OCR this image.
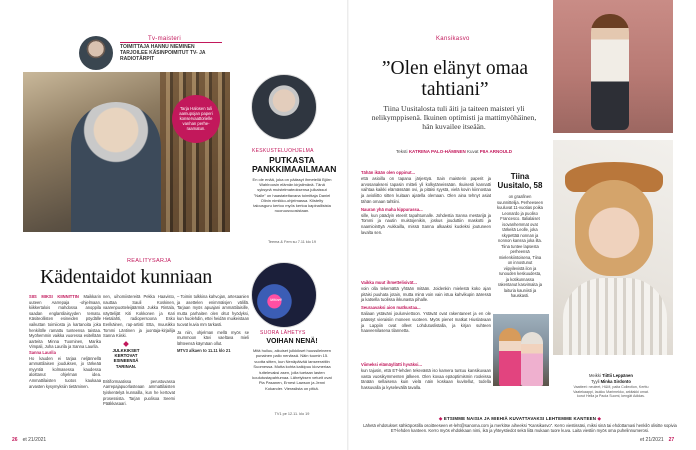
Tv-maisteri
TOIMITTAJA HANNU NIEMINEN TARJOILEE KÄSINPOIMITUT TV- JA RADIOTÄRPIT
Tarja Halosen tuli aamupojan paperi konservaattorielle vanhan perhe- raamatun.
KESKUSTELUOHJELMA
PUTKASTA PANKKIMAAILMAAN
En ole enää, joka on päässyt ihmetellä Björn Wahlroosin elämän kirjailmänä. Tänä syksynä muistelmateoksensa julkaissut "Nalle" on haastateltavana toimittaja Daniel Olinin nimikko-ohjelmassa. Kiistelty talousguru kertoo myös kertoa kapinallisista nuoruusvuosistaan.
Teema & Fem su 7.11 klo 19
REALITYSARJA
Kädentaidot kunniaan
SIIS MIKSI KIINNITTIN Maikkarin uuteen Aarrepaja -ohjelmaan, kiikkertalois mahdossa anoppila saadan englantilaisyyden tematu. Käsiteollisten esineiden pöydälle vaikuttan toimiiosta ja kartanoita joka henkilölle ramattu tunteensa taistaa. Myöhemmin vaikka vuoressa esitellään aarteita Minna Tuominen, Marika Vimpali, Juha Laurila ja Sanna Laurila.
Sanna Laurila
Ho kauden ei tarjaa neljännellä ammattilaisen jouduksen, jo tärkeää myyntiä kolmasessa kaudessa aloittanut ohjelman idea. Ammattilaisten tuotos kaukaaa arvasten kysymyksiin tietäminen.
nen, uihomiistereitä Pekka Haavisto, nauttaa Sauli Koskinen, vaarenpuotteleijäärmiä Jukka Rintala, näyttelijät Kiti Kokkonen ja Kari Hietalahti, radiopersoona Esko Eerikäinen, rap-artisti Etta, muusikko Tommi Läntinen ja juontaja-kirjailija Sanna Kiiski.
Britiformaatissa perustuvassa Aarrepajapuorlasteaan ammattilaisten tyiskentelyä kunnailla, kun he kertovat prosessista. Tarjan puolisoa Seemi Pääkkasaari.
JULKKIKSET KERTOVAT ESINEENSÄ TARINAN.
– Toimin tulkkina kahvojan, artesaanien ja asettelen enimmäisjen välillä. Tarjaan myös apuajani ammattilaisille, mutta parhaiten olen oltut hyödyksi, kun huolehdin, ettei heidän muikeistaan tuovat kuvia mm tarkasti.
Ja niin, ohjelman mellä myös se mummoon kävi vaeltava mieli lähteensä käymäan ollut.
MTV3 alkaen to 11.11 klo 21
Mittari!
SUORA LÄHETYS
VOIHAN NENÄ!
Mitä hulluu, aikuiset julkkikset huussileineen punainen pallo nenässä. Näin tuumin 15. vuotta sitten, kun Nenäpäivää lanseerattiin Suomessa. Mutta kohta kaikipuu klovneriaa tuttelevaksi asen, jolla tuetaan lasten koulutustapahtumaa. Lähetyksen veturit ovat Pia Pasanen, Ernest Lawson ja Jenni Kokander. Vieraslista on pitkä.
TV1 pe 12.11. klo 19
26 et 21/2021
Kansikasvo
”Olen elänyt omaa tahtiani”
Tiina Uusitalosta tuli äiti ja taiteen maisteri yli nelikymppisenä. Ikuinen optimisti ja mattimyöhäinen, hän kuvailee itseään.
Teksti KATRIINA PALO-HÄMINEN Kuvat PIIA ARNOULD
Tähän ikään olen oppinut...
että asioilla on tapana järjestyä. Sain maisterin paperit ja arvosanakseni tapasin mitteli yli kolkytäneissään. Ikuisesti kannatti vaihtaa kaikki elämässään ovi, ja pitäisi syystä, vielä kovin kiinnostaa ja avioliitto sitten kuitaan ajatella olemaan. Olen aina tehnyt asiat tähän omaan tahtiini.
Nauran yhä maha kippurassa...
sille, kun päädyin eteerit tapahtumalle. Johdestia Sanna mestarijä ja Tommi ja nautin muistojenikin, joskus jouduttiin maskotti ja naamiointtyä Aukkailla, missä Sanna alkaaksi kuoleksi joutuneen lavalta sen.
Vaikka muut ihmettelisivät...
voin olla tekemättä yhtään mitään. Joidenkin mielestä koko ajan pitäisi puuhata jotain, mutta minä voin vain istua kahvikupin ääressä ja katsella tuolissa ikkunasta pihalle.
Seuraavaksi aion matkustaa...
Italiaan ystäväni joulunviettoon. Ystävät ovat rakentaneet ja en ole päässyt vieraisiin moneen vuoteen. Myös pienet matkat Hiuslatvaan ja Lappiin ovat olleet Lohdutuslistalla, ja kirjan suhteen haaveenilasena tilannetta.
Viimeksi elämäyllätti hyväksi...
kun tajusin, että ET-lehden tekevästä iso kamera tuntuu kansikuvaan vasta vuosikymmenten jälkeen. Olen kovaa epäoptimismin rooleissa tänään sellaisena kuin vielä näin koskaan kuvitellut, todella hassuvalla ja kyselevällä tavalla.
Tiina Uusitalo, 58
on graafinen suunnittelija. Perheeseen kuuluvat 11-vuotias poika Leonardo ja puoliso Francesco. Italialaiset isovanhemmat ovat tärkeitä Leolle, joka skypettää nonnan ja nonnon kanssa joka ilta. Tiina tuntee lapsesta perheensä mielenkiintoisena, Tiina on innostunut viipyilevistä ilon ja runouden keskuudesta, ja kotikunnassa rakentanut kasvimaita ja laituria kauniisti ja hauskasti.
Meikki Tiittii Leppänen
Tyyli Minka Sirdonto
Vaatteet: neuleet, H&M, paita Collection, Kerttu Vaatekaappi, laukku Marimekko, arkitakki omat. korut Hella ja Paola Suomi, kengät Adidas.
◆ ETSIMME NAISIA JA MIEHIÄ KUVATTAVAKSI LEHTEMME KANTEEN ◆
Lähetä ehdotukset sähköpostilla osoitteeseen et-leht@sanoma.com ja merkitse aiheeksi ”Kansikasvo”. Kerro viestissäsi, miksi sinä tai ehdottamasi henkilö olisitte sopivia ET-lehden kanteen. Kerro myös ehdokkaan nimi, ikä ja yhteystiedot sekä liitä mukaan tuore kuva. Laita viestiin myös oma puhelinnumerosi.
et 21/2021 27
